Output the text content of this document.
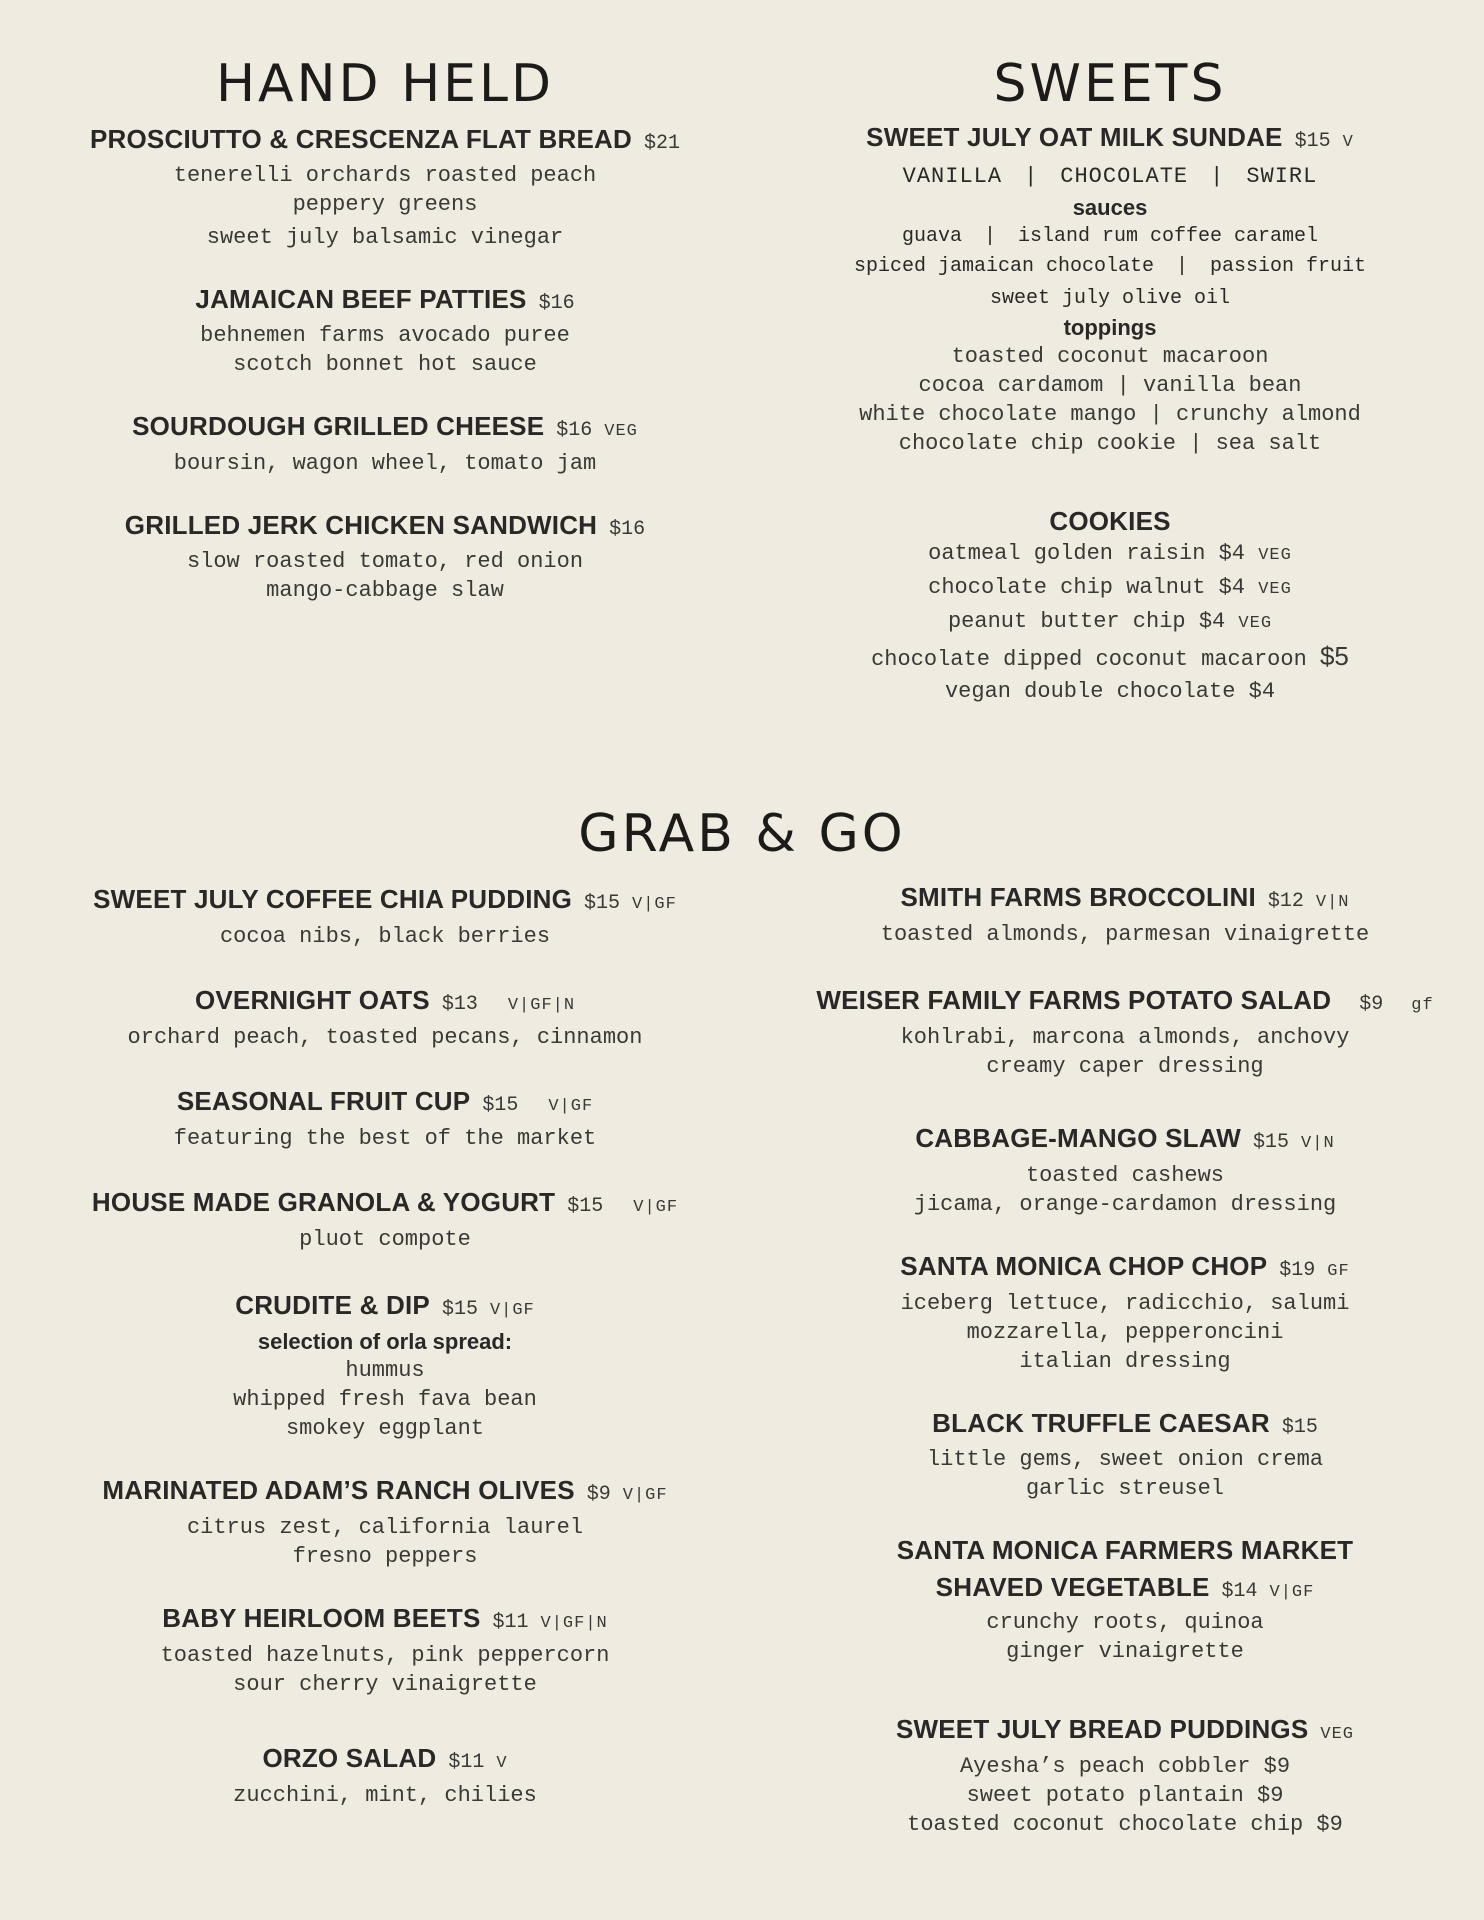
HAND HELD
PROSCIUTTO & CRESCENZA FLAT BREAD $21
tenerelli orchards roasted peach
peppery greens
sweet july balsamic vinegar
JAMAICAN BEEF PATTIES $16
behnemen farms avocado puree
scotch bonnet hot sauce
SOURDOUGH GRILLED CHEESE $16 VEG
boursin, wagon wheel, tomato jam
GRILLED JERK CHICKEN SANDWICH $16
slow roasted tomato, red onion
mango-cabbage slaw
SWEETS
SWEET JULY OAT MILK SUNDAE $15 V
VANILLA | CHOCOLATE | SWIRL
sauces
guava | island rum coffee caramel
spiced jamaican chocolate | passion fruit
sweet july olive oil
toppings
toasted coconut macaroon
cocoa cardamom | vanilla bean
white chocolate mango | crunchy almond
chocolate chip cookie | sea salt
COOKIES
oatmeal golden raisin $4 VEG
chocolate chip walnut $4 VEG
peanut butter chip $4 VEG
chocolate dipped coconut macaroon $5
vegan double chocolate $4
GRAB & GO
SWEET JULY COFFEE CHIA PUDDING $15 V|GF
cocoa nibs, black berries
OVERNIGHT OATS $13 V|GF|N
orchard peach, toasted pecans, cinnamon
SEASONAL FRUIT CUP $15 V|GF
featuring the best of the market
HOUSE MADE GRANOLA & YOGURT $15 V|GF
pluot compote
CRUDITE & DIP $15 V|GF
selection of orla spread:
hummus
whipped fresh fava bean
smokey eggplant
MARINATED ADAM’S RANCH OLIVES $9 V|GF
citrus zest, california laurel
fresno peppers
BABY HEIRLOOM BEETS $11 V|GF|N
toasted hazelnuts, pink peppercorn
sour cherry vinaigrette
ORZO SALAD $11 V
zucchini, mint, chilies
SMITH FARMS BROCCOLINI $12 V|N
toasted almonds, parmesan vinaigrette
WEISER FAMILY FARMS POTATO SALAD $9 gf
kohlrabi, marcona almonds, anchovy
creamy caper dressing
CABBAGE-MANGO SLAW $15 V|N
toasted cashews
jicama, orange-cardamon dressing
SANTA MONICA CHOP CHOP $19 GF
iceberg lettuce, radicchio, salumi
mozzarella, pepperoncini
italian dressing
BLACK TRUFFLE CAESAR $15
little gems, sweet onion crema
garlic streusel
SANTA MONICA FARMERS MARKET
SHAVED VEGETABLE $14 V|GF
crunchy roots, quinoa
ginger vinaigrette
SWEET JULY BREAD PUDDINGS VEG
Ayesha’s peach cobbler $9
sweet potato plantain $9
toasted coconut chocolate chip $9
